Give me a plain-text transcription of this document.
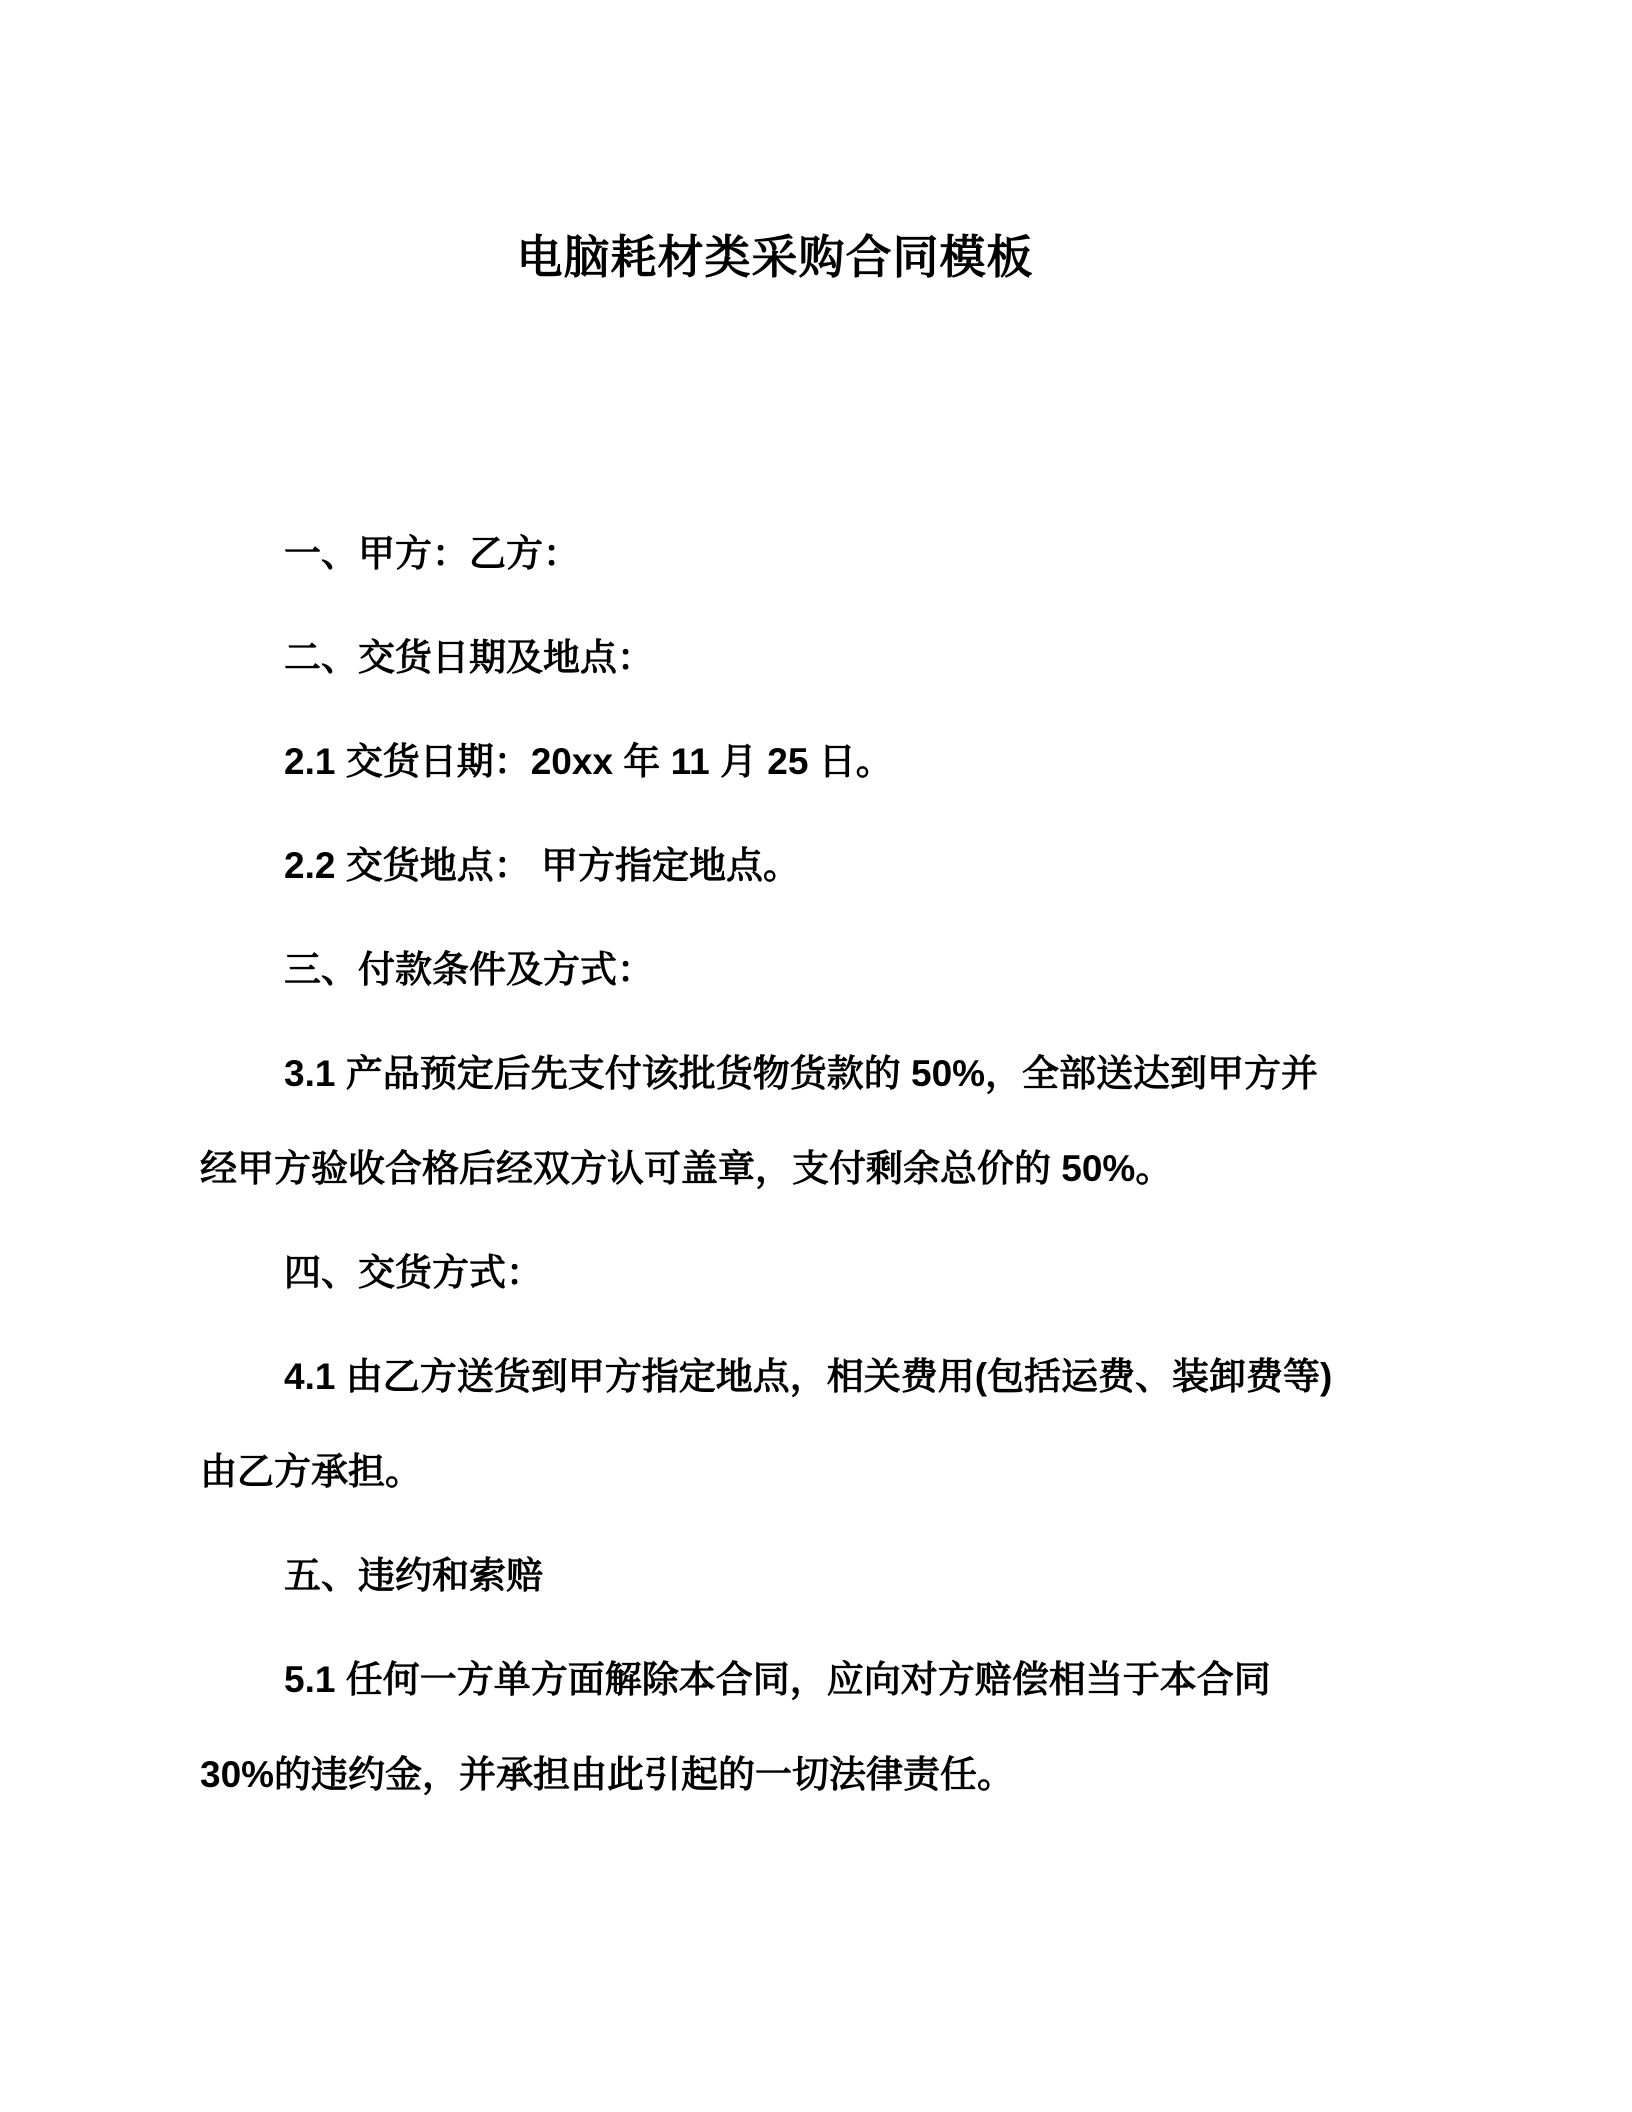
电脑耗材类采购合同模板

一、甲方：乙方：

二、交货日期及地点：

2.1 交货日期：20xx 年 11 月 25 日。

2.2 交货地点： 甲方指定地点。

三、付款条件及方式：

3.1 产品预定后先支付该批货物货款的 50%，全部送达到甲方并经甲方验收合格后经双方认可盖章，支付剩余总价的 50%。

四、交货方式：

4.1 由乙方送货到甲方指定地点，相关费用(包括运费、装卸费等)由乙方承担。

五、违约和索赔

5.1 任何一方单方面解除本合同，应向对方赔偿相当于本合同 30%的违约金，并承担由此引起的一切法律责任。
